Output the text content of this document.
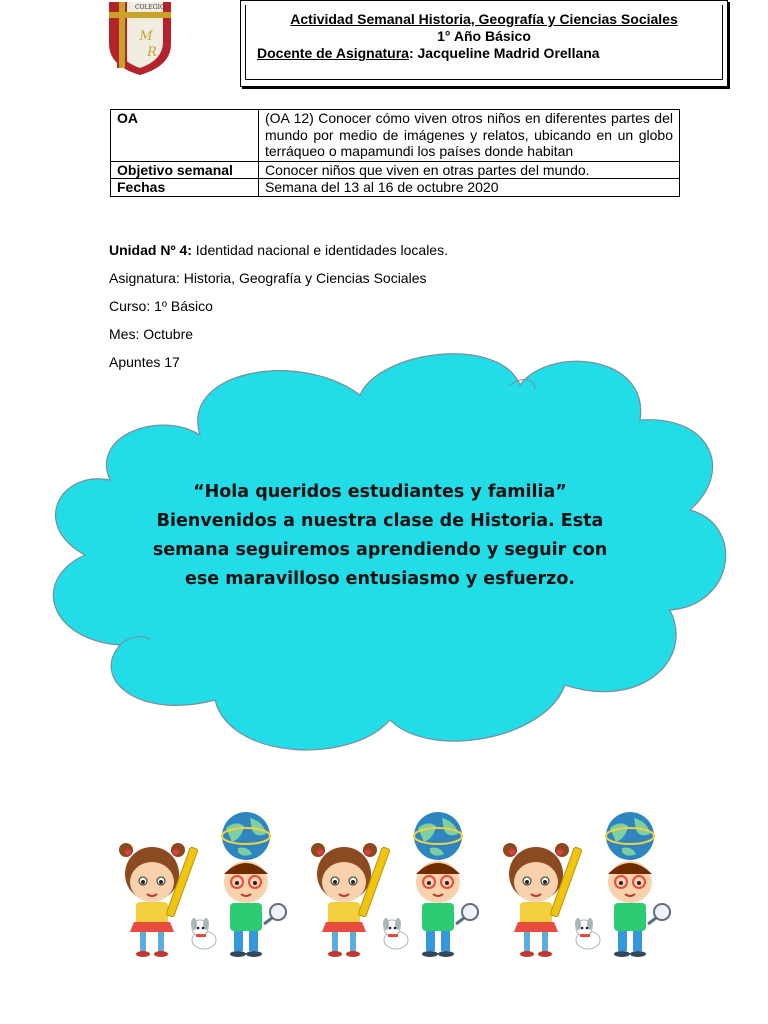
COLEGIO
M
R
Actividad Semanal Historia, Geografía y Ciencias Sociales
1° Año Básico
Docente de Asignatura: Jacqueline Madrid Orellana
OA	(OA 12) Conocer cómo viven otros niños en diferentes partes del mundo por medio de imágenes y relatos, ubicando en un globo terráqueo o mapamundi los países donde habitan
Objetivo semanal	Conocer niños que viven en otras partes del mundo.
Fechas	Semana del 13 al 16 de octubre 2020
Unidad Nº 4: Identidad nacional e identidades locales.
Asignatura: Historia, Geografía y Ciencias Sociales
Curso: 1º Básico
Mes: Octubre
Apuntes 17
“Hola queridos estudiantes y familia”
Bienvenidos a nuestra clase de Historia. Esta
semana seguiremos aprendiendo y seguir con
ese maravilloso entusiasmo y esfuerzo.
